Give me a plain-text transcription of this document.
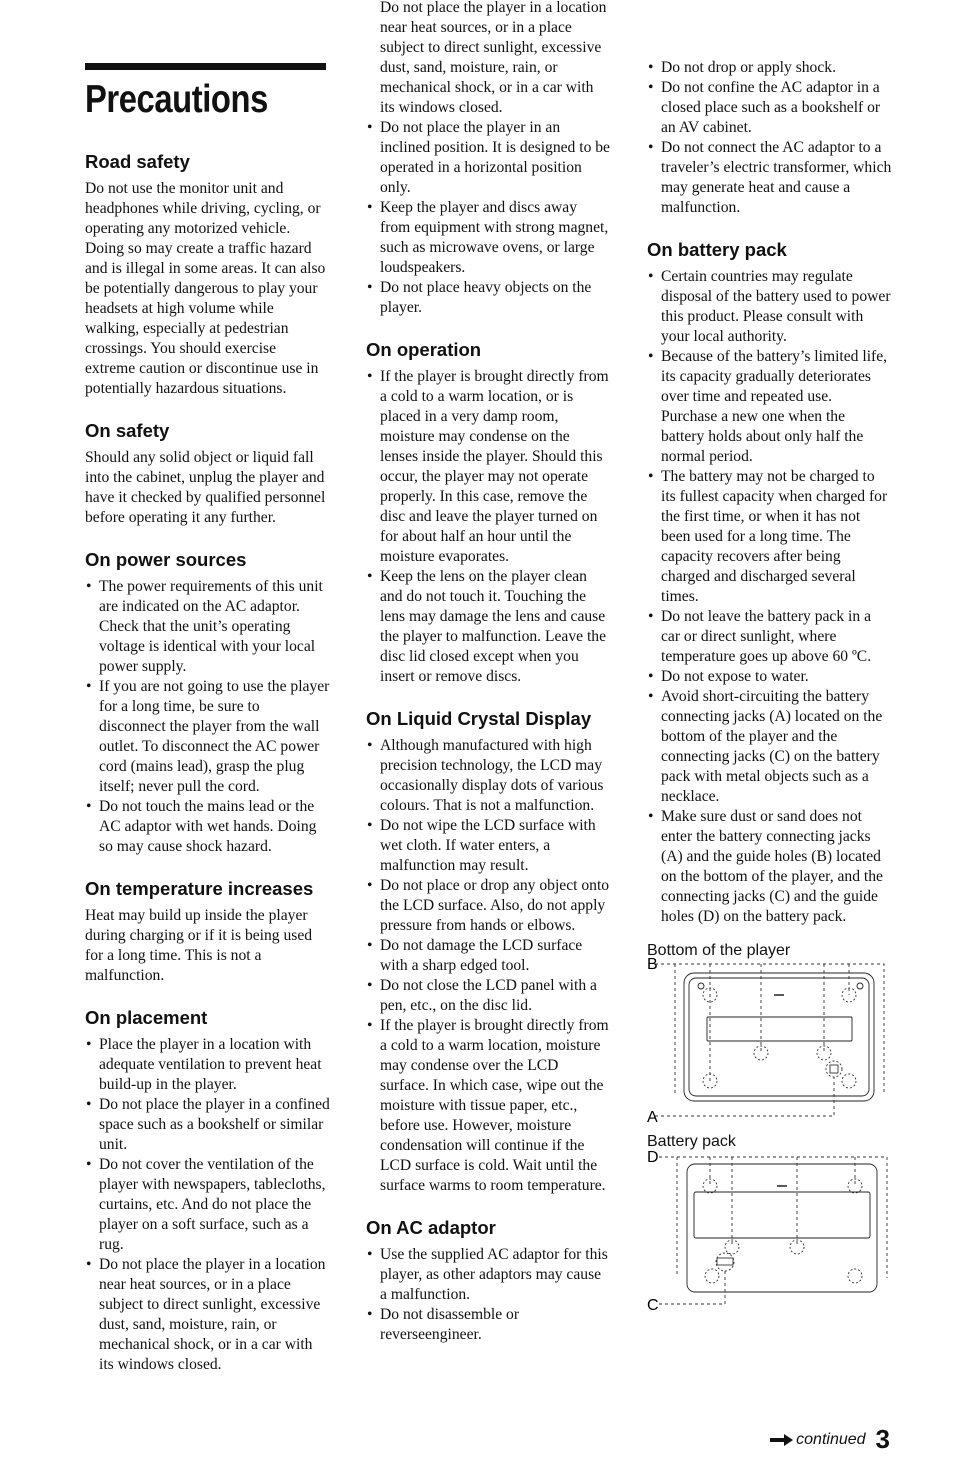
Precautions
Road safety

Do not use the monitor unit and headphones while driving, cycling, or operating any motorized vehicle. Doing so may create a traffic hazard and is illegal in some areas. It can also be potentially dangerous to play your headsets at high volume while walking, especially at pedestrian crossings. You should exercise extreme caution or discontinue use in potentially hazardous situations.

On safety

Should any solid object or liquid fall into the cabinet, unplug the player and have it checked by qualified personnel before operating it any further.

On power sources
• The power requirements of this unit are indicated on the AC adaptor. Check that the unit’s operating voltage is identical with your local power supply.
• If you are not going to use the player for a long time, be sure to disconnect the player from the wall outlet. To disconnect the AC power cord (mains lead), grasp the plug itself; never pull the cord.
• Do not touch the mains lead or the AC adaptor with wet hands. Doing so may cause shock hazard.
On temperature increases

Heat may build up inside the player during charging or if it is being used for a long time. This is not a malfunction.

On placement
• Place the player in a location with adequate ventilation to prevent heat build-up in the player.
• Do not place the player in a confined space such as a bookshelf or similar unit.
• Do not cover the ventilation of the player with newspapers, tablecloths, curtains, etc. And do not place the player on a soft surface, such as a rug.
• Do not place the player in a location near heat sources, or in a place subject to direct sunlight, excessive dust, sand, moisture, rain, or mechanical shock, or in a car with its windows closed.
Do not place the player in a location near heat sources, or in a place subject to direct sunlight, excessive dust, sand, moisture, rain, or mechanical shock, or in a car with its windows closed.
• Do not place the player in an inclined position. It is designed to be operated in a horizontal position only.
• Keep the player and discs away from equipment with strong magnet, such as microwave ovens, or large loudspeakers.
• Do not place heavy objects on the player.
On operation
• If the player is brought directly from a cold to a warm location, or is placed in a very damp room, moisture may condense on the lenses inside the player. Should this occur, the player may not operate properly. In this case, remove the disc and leave the player turned on for about half an hour until the moisture evaporates.
• Keep the lens on the player clean and do not touch it. Touching the lens may damage the lens and cause the player to malfunction. Leave the disc lid closed except when you insert or remove discs.
On Liquid Crystal Display
• Although manufactured with high precision technology, the LCD may occasionally display dots of various colours. That is not a malfunction.
• Do not wipe the LCD surface with wet cloth. If water enters, a malfunction may result.
• Do not place or drop any object onto the LCD surface. Also, do not apply pressure from hands or elbows.
• Do not damage the LCD surface with a sharp edged tool.
• Do not close the LCD panel with a pen, etc., on the disc lid.
• If the player is brought directly from a cold to a warm location, moisture may condense over the LCD surface. In which case, wipe out the moisture with tissue paper, etc., before use. However, moisture condensation will continue if the LCD surface is cold. Wait until the surface warms to room temperature.
On AC adaptor
• Use the supplied AC adaptor for this player, as other adaptors may cause a malfunction.
• Do not disassemble or reverseengineer.
• Do not drop or apply shock.
• Do not confine the AC adaptor in a closed place such as a bookshelf or an AV cabinet.
• Do not connect the AC adaptor to a traveler’s electric transformer, which may generate heat and cause a malfunction.
On battery pack
• Certain countries may regulate disposal of the battery used to power this product. Please consult with your local authority.
• Because of the battery’s limited life, its capacity gradually deteriorates over time and repeated use. Purchase a new one when the battery holds about only half the normal period.
• The battery may not be charged to its fullest capacity when charged for the first time, or when it has not been used for a long time. The capacity recovers after being charged and discharged several times.
• Do not leave the battery pack in a car or direct sunlight, where temperature goes up above 60 ºC.
• Do not expose to water.
• Avoid short-circuiting the battery connecting jacks (A) located on the bottom of the player and the connecting jacks (C) on the battery pack with metal objects such as a necklace.
• Make sure dust or sand does not enter the battery connecting jacks (A) and the guide holes (B) located on the bottom of the player, and the connecting jacks (C) and the guide holes (D) on the battery pack.

Bottom of the player

B
A

Battery pack

D
C
continued 3
